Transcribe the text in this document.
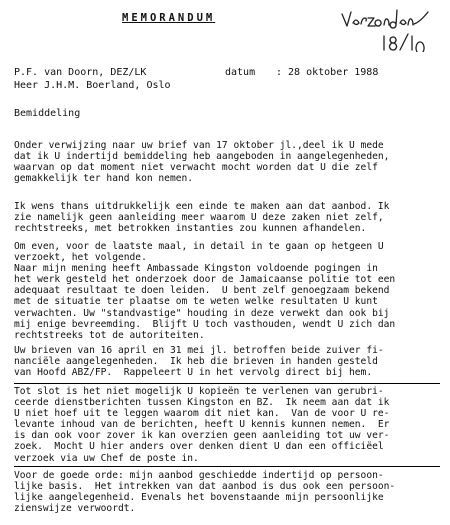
MEMORANDUM
P.F. van Doorn, DEZ/LK	datum : 28 oktober 1988
Heer J.H.M. Boerland, Oslo
Bemiddeling
Onder verwijzing naar uw brief van 17 oktober jl.,deel ik U mede
dat ik U indertijd bemiddeling heb aangeboden in aangelegenheden,
waarvan op dat moment niet verwacht mocht worden dat U die zelf
gemakkelijk ter hand kon nemen.
Ik wens thans uitdrukkelijk een einde te maken aan dat aanbod. Ik
zie namelijk geen aanleiding meer waarom U deze zaken niet zelf,
rechtstreeks, met betrokken instanties zou kunnen afhandelen.
Om even, voor de laatste maal, in detail in te gaan op hetgeen U
verzoekt, het volgende.
Naar mijn mening heeft Ambassade Kingston voldoende pogingen in
het werk gesteld het onderzoek door de Jamaicaanse politie tot een
adequaat resultaat te doen leiden.  U bent zelf genoegzaam bekend
met de situatie ter plaatse om te weten welke resultaten U kunt
verwachten. Uw "standvastige" houding in deze verwekt dan ook bij
mij enige bevreemding.  Blijft U toch vasthouden, wendt U zich dan
rechtstreeks tot de autoriteiten.
Uw brieven van 16 april en 31 mei jl. betroffen beide zuiver fi-
nanciële aangelegenheden.  Ik heb die brieven in handen gesteld
van Hoofd ABZ/FP.  Rappeleert U in het vervolg direct bij hem.
Tot slot is het niet mogelijk U kopieën te verlenen van gerubri-
ceerde dienstberichten tussen Kingston en BZ.  Ik neem aan dat ik
U niet hoef uit te leggen waarom dit niet kan.  Van de voor U re-
levante inhoud van de berichten, heeft U kennis kunnen nemen.  Er
is dan ook voor zover ik kan overzien geen aanleiding tot uw ver-
zoek.  Mocht U hier anders over denken dient U dan een officiëel
verzoek via uw Chef de poste in.
Voor de goede orde: mijn aanbod geschiedde indertijd op persoon-
lijke basis.  Het intrekken van dat aanbod is dus ook een persoon-
lijke aangelegenheid. Evenals het bovenstaande mijn persoonlijke
zienswijze verwoordt.
